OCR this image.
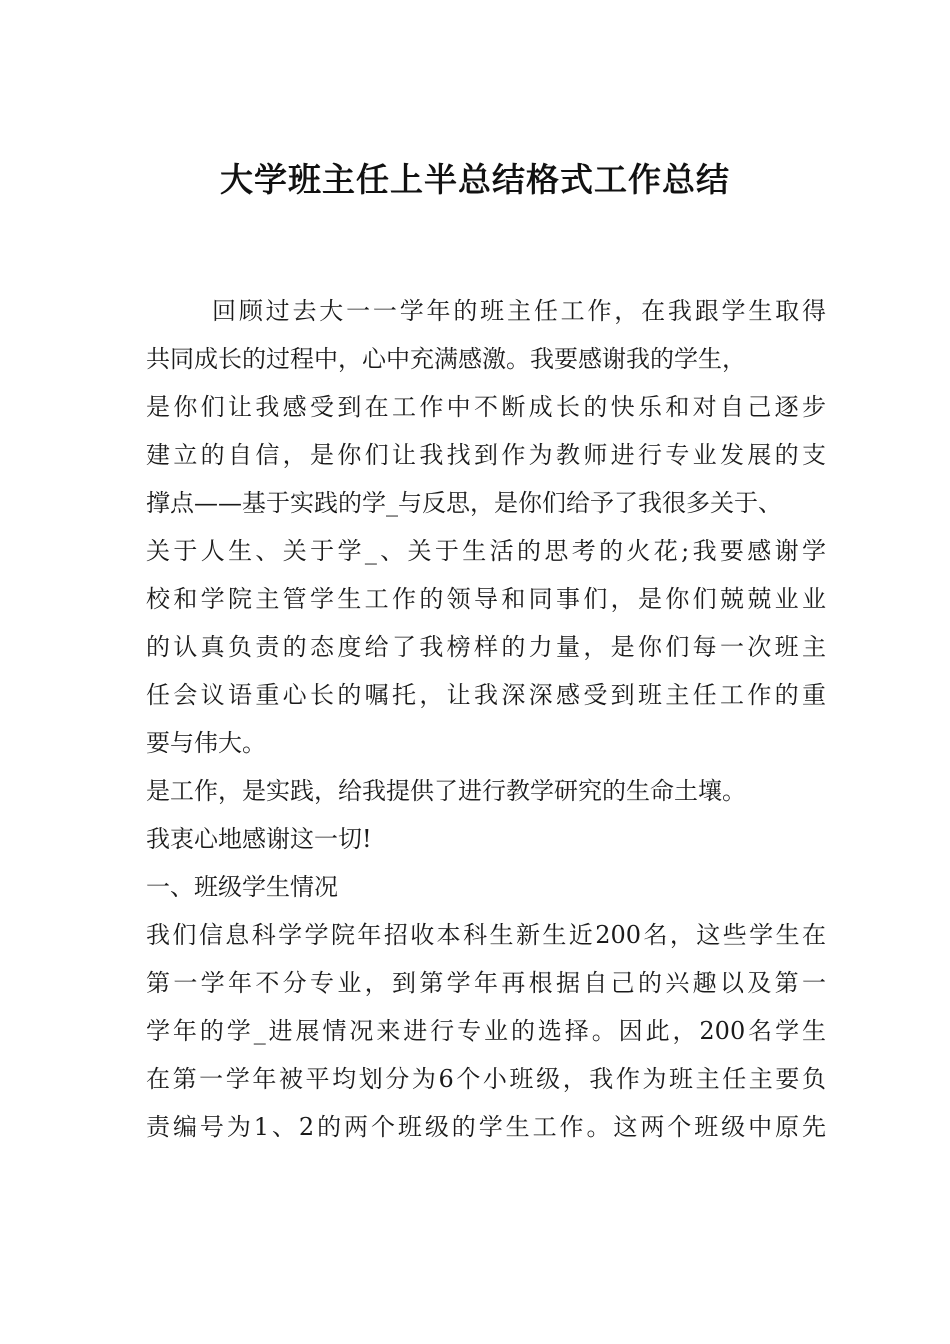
大学班主任上半总结格式工作总结
回顾过去大一一学年的班主任工作，在我跟学生取得
共同成长的过程中，心中充满感激。我要感谢我的学生，
是你们让我感受到在工作中不断成长的快乐和对自己逐步
建立的自信，是你们让我找到作为教师进行专业发展的支
撑点——基于实践的学_与反思，是你们给予了我很多关于、
关于人生、关于学_、关于生活的思考的火花;我要感谢学
校和学院主管学生工作的领导和同事们，是你们兢兢业业
的认真负责的态度给了我榜样的力量，是你们每一次班主
任会议语重心长的嘱托，让我深深感受到班主任工作的重
要与伟大。
是工作，是实践，给我提供了进行教学研究的生命土壤。
我衷心地感谢这一切!
一、班级学生情况
我们信息科学学院年招收本科生新生近200名，这些学生在
第一学年不分专业，到第学年再根据自己的兴趣以及第一
学年的学_进展情况来进行专业的选择。因此，200名学生
在第一学年被平均划分为6个小班级，我作为班主任主要负
责编号为1、2的两个班级的学生工作。这两个班级中原先
